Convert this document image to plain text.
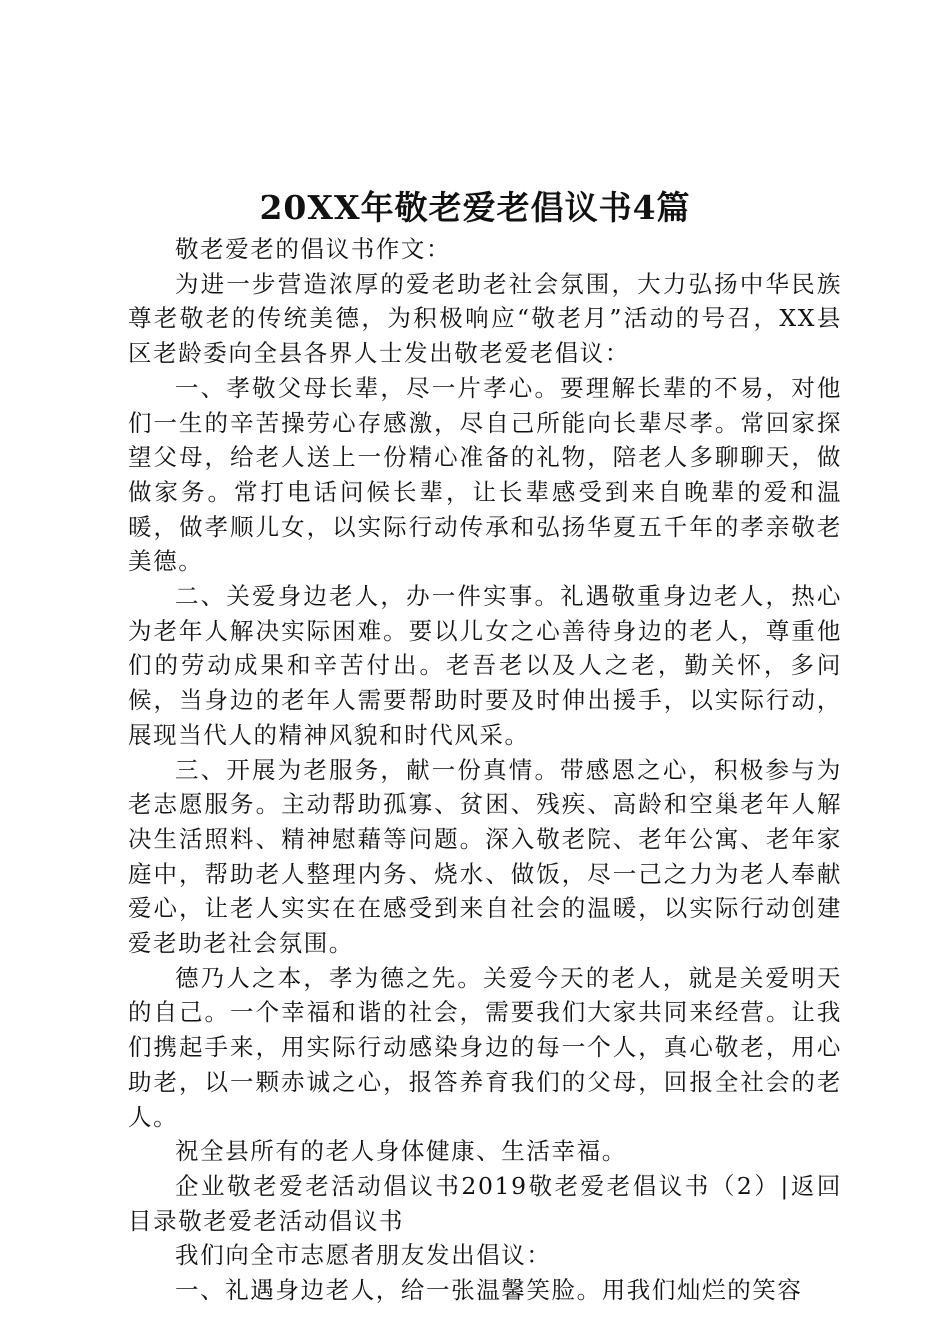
20XX年敬老爱老倡议书4篇

敬老爱老的倡议书作文：

为进一步营造浓厚的爱老助老社会氛围，大力弘扬中华民族尊老敬老的传统美德，为积极响应“敬老月”活动的号召，XX县区老龄委向全县各界人士发出敬老爱老倡议：

一、孝敬父母长辈，尽一片孝心。要理解长辈的不易，对他们一生的辛苦操劳心存感激，尽自己所能向长辈尽孝。常回家探望父母，给老人送上一份精心准备的礼物，陪老人多聊聊天，做做家务。常打电话问候长辈，让长辈感受到来自晚辈的爱和温暖，做孝顺儿女，以实际行动传承和弘扬华夏五千年的孝亲敬老美德。

二、关爱身边老人，办一件实事。礼遇敬重身边老人，热心为老年人解决实际困难。要以儿女之心善待身边的老人，尊重他们的劳动成果和辛苦付出。老吾老以及人之老，勤关怀，多问候，当身边的老年人需要帮助时要及时伸出援手，以实际行动，展现当代人的精神风貌和时代风采。

三、开展为老服务，献一份真情。带感恩之心，积极参与为老志愿服务。主动帮助孤寡、贫困、残疾、高龄和空巢老年人解决生活照料、精神慰藉等问题。深入敬老院、老年公寓、老年家庭中，帮助老人整理内务、烧水、做饭，尽一己之力为老人奉献爱心，让老人实实在在感受到来自社会的温暖，以实际行动创建爱老助老社会氛围。

德乃人之本，孝为德之先。关爱今天的老人，就是关爱明天的自己。一个幸福和谐的社会，需要我们大家共同来经营。让我们携起手来，用实际行动感染身边的每一个人，真心敬老，用心助老，以一颗赤诚之心，报答养育我们的父母，回报全社会的老人。

祝全县所有的老人身体健康、生活幸福。

企业敬老爱老活动倡议书2019敬老爱老倡议书（2）|返回目录敬老爱老活动倡议书

我们向全市志愿者朋友发出倡议：

一、礼遇身边老人，给一张温馨笑脸。用我们灿烂的笑容
